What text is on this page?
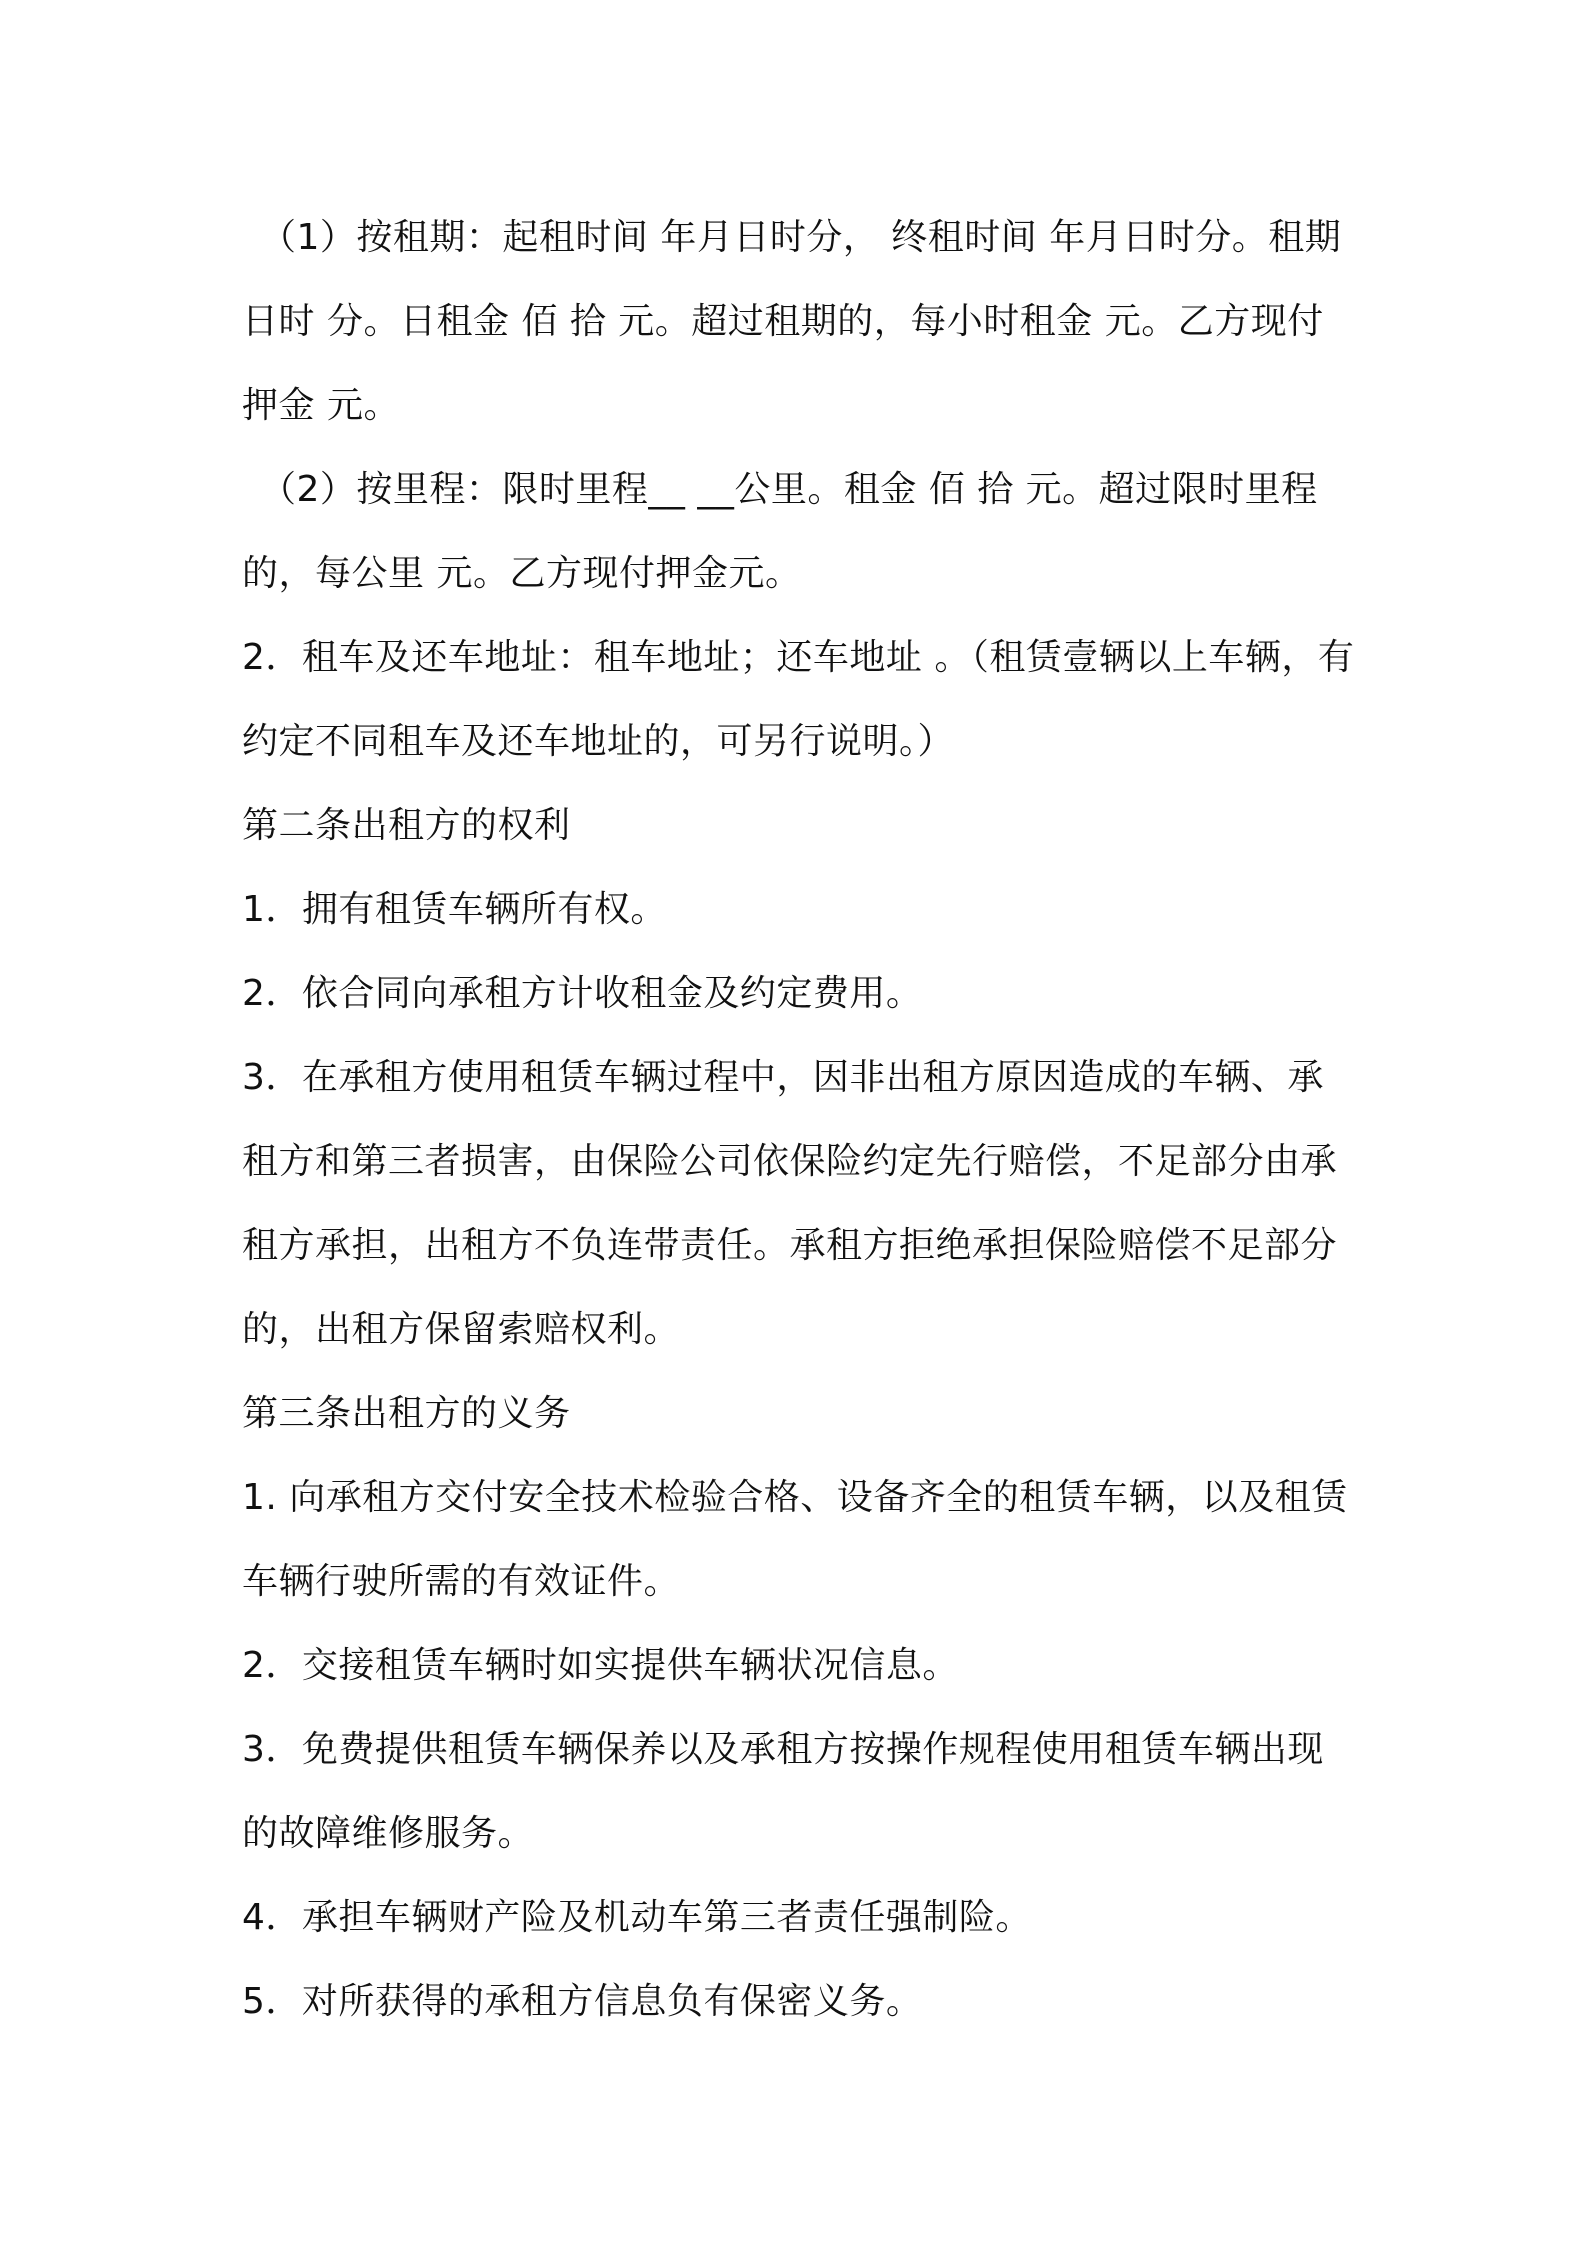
（1）按租期：起租时间 年月日时分， 终租时间 年月日时分。租期日时 分。日租金 佰 拾 元。超过租期的，每小时租金 元。乙方现付押金 元。

（2）按里程：限时里程__ __公里。租金 佰 拾 元。超过限时里程的，每公里 元。乙方现付押金元。

2．租车及还车地址：租车地址；还车地址 。（租赁壹辆以上车辆，有约定不同租车及还车地址的，可另行说明。）

第二条出租方的权利

1．拥有租赁车辆所有权。

2．依合同向承租方计收租金及约定费用。

3．在承租方使用租赁车辆过程中，因非出租方原因造成的车辆、承租方和第三者损害，由保险公司依保险约定先行赔偿，不足部分由承租方承担，出租方不负连带责任。承租方拒绝承担保险赔偿不足部分的，出租方保留索赔权利。

第三条出租方的义务

1. 向承租方交付安全技术检验合格、设备齐全的租赁车辆，以及租赁车辆行驶所需的有效证件。

2．交接租赁车辆时如实提供车辆状况信息。

3．免费提供租赁车辆保养以及承租方按操作规程使用租赁车辆出现的故障维修服务。

4．承担车辆财产险及机动车第三者责任强制险。

5．对所获得的承租方信息负有保密义务。
